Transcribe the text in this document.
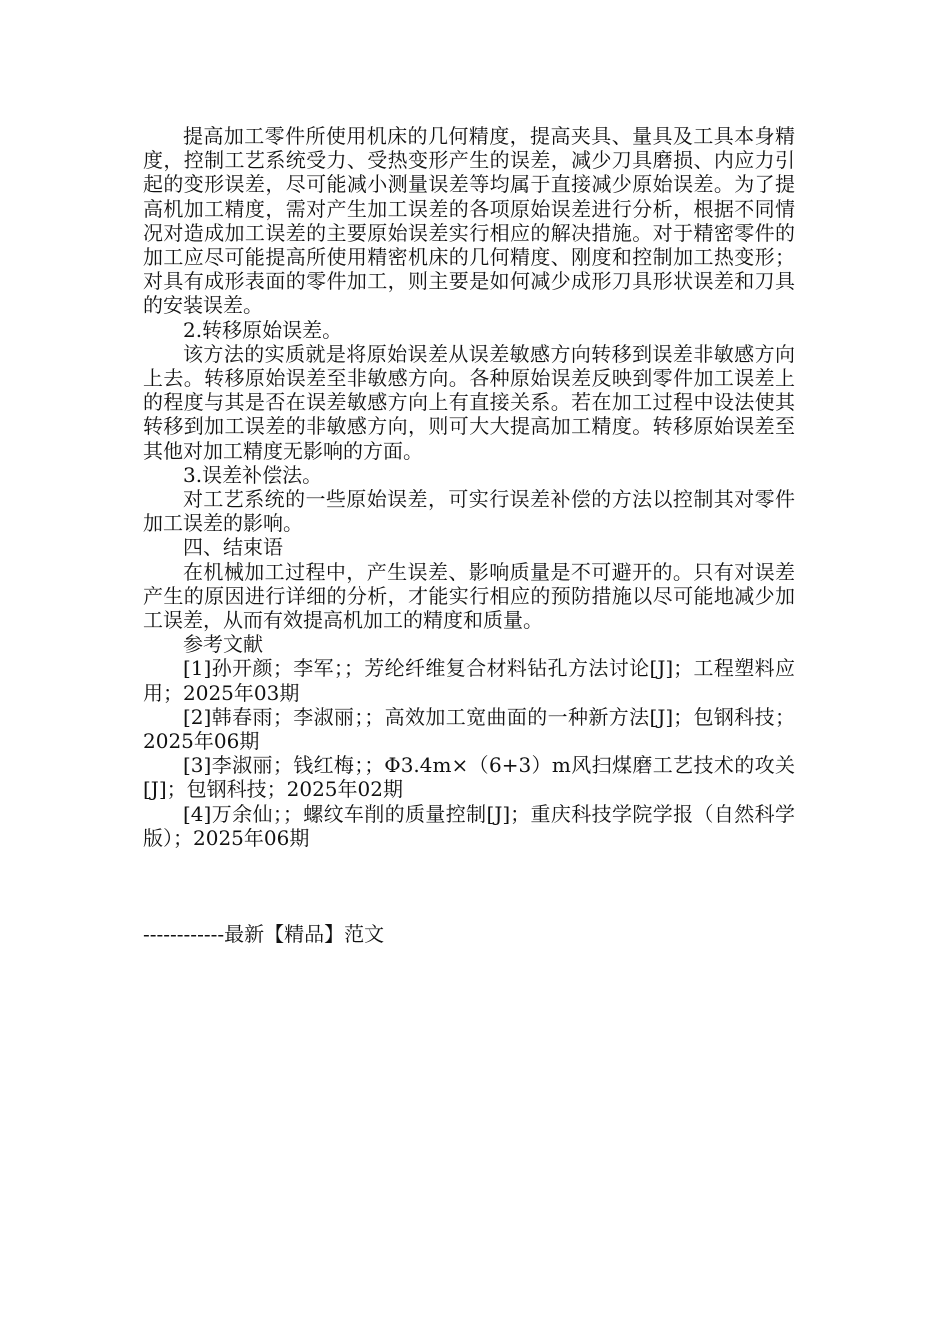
提高加工零件所使用机床的几何精度，提高夹具、量具及工具本身精度，控制工艺系统受力、受热变形产生的误差，减少刀具磨损、内应力引起的变形误差，尽可能减小测量误差等均属于直接减少原始误差。为了提高机加工精度，需对产生加工误差的各项原始误差进行分析，根据不同情况对造成加工误差的主要原始误差实行相应的解决措施。对于精密零件的加工应尽可能提高所使用精密机床的几何精度、刚度和控制加工热变形；对具有成形表面的零件加工，则主要是如何减少成形刀具形状误差和刀具的安装误差。

2.转移原始误差。

该方法的实质就是将原始误差从误差敏感方向转移到误差非敏感方向上去。转移原始误差至非敏感方向。各种原始误差反映到零件加工误差上的程度与其是否在误差敏感方向上有直接关系。若在加工过程中设法使其转移到加工误差的非敏感方向，则可大大提高加工精度。转移原始误差至其他对加工精度无影响的方面。

3.误差补偿法。

对工艺系统的一些原始误差，可实行误差补偿的方法以控制其对零件加工误差的影响。

四、结束语

在机械加工过程中，产生误差、影响质量是不可避开的。只有对误差产生的原因进行详细的分析，才能实行相应的预防措施以尽可能地减少加工误差，从而有效提高机加工的精度和质量。

参考文献

[1]孙开颜；李军；；芳纶纤维复合材料钻孔方法讨论[J]；工程塑料应用；2025年03期

[2]韩春雨；李淑丽；；高效加工宽曲面的一种新方法[J]；包钢科技；2025年06期

[3]李淑丽；钱红梅；；Φ3.4m×（6+3）m风扫煤磨工艺技术的攻关[J]；包钢科技；2025年02期

[4]万余仙；；螺纹车削的质量控制[J]；重庆科技学院学报（自然科学版）；2025年06期

------------最新【精品】范文
